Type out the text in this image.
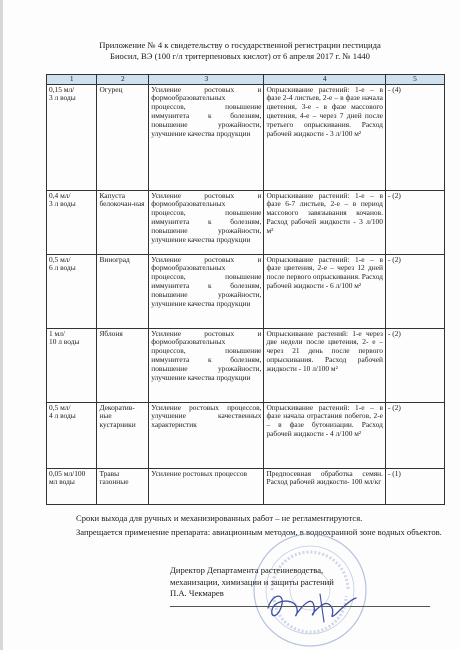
Приложение № 4 к свидетельству о государственной регистрации пестицида
Биосил, ВЭ (100 г/л тритерпеновых кислот) от 6 апреля 2017 г. № 1440
1	2	3	4	5
0,15 мл/
3 л воды	Огурец	Усиление ростовых и формообразовательных процессов, повышение иммунитета к болезням, повышение урожайности, улучшение качества продукции	Опрыскивание растений: 1-е – в фазе 2-4 листьев, 2-е – в фазе начала цветения, 3-е - в фазе массового цветения, 4-е – через 7 дней после третьего опрыскивания. Расход рабочей жидкости - 3 л/100 м²	- (4)
0,4 мл/
3 л воды	Капуста белокочан-ная	Усиление ростовых и формообразовательных процессов, повышение иммунитета к болезням, повышение урожайности, улучшение качества продукции	Опрыскивание растений: 1-е – в фазе 6-7 листьев, 2-е – в период массового завязывания кочанов. Расход рабочей жидкости - 3 л/100 м²	- (2)
0,5 мл/
6 л воды	Виноград	Усиление ростовых и формообразовательных процессов, повышение иммунитета к болезням, повышение урожайности, улучшение качества продукции	Опрыскивание растений: 1-е – в фазе цветения, 2-е – через 12 дней после первого опрыскивания. Расход рабочей жидкости - 6 л/100 м²	- (2)
1 мл/
10 л воды	Яблоня	Усиление ростовых и формообразовательных процессов, повышение иммунитета к болезням, повышение урожайности, улучшение качества продукции	Опрыскивание растений: 1-е через две недели после цветения, 2- е – через 21 день после первого опрыскивания. Расход рабочей жидкости - 10 л/100 м²	- (2)
0,5 мл/
4 л воды	Декоратив-ные кустарники	Усиление ростовых процессов, улучшение качественных характеристик	Опрыскивание растений: 1-е – в фазе начала отрастания побегов, 2-е – в фазе бутонизации. Расход рабочей жидкости - 4 л/100 м²	- (2)
0,05 мл/100 мл воды	Травы газонные	Усиление ростовых процессов	Предпосевная обработка семян. Расход рабочей жидкости- 100 мл/кг	- (1)

Сроки выхода для ручных и механизированных работ – не регламентируются.

Запрещается применение препарата: авиационным методом, в водоохранной зоне водных объектов.

Директор Департамента растениеводства,
механизации, химизации и защиты растений
П.А. Чекмарев
